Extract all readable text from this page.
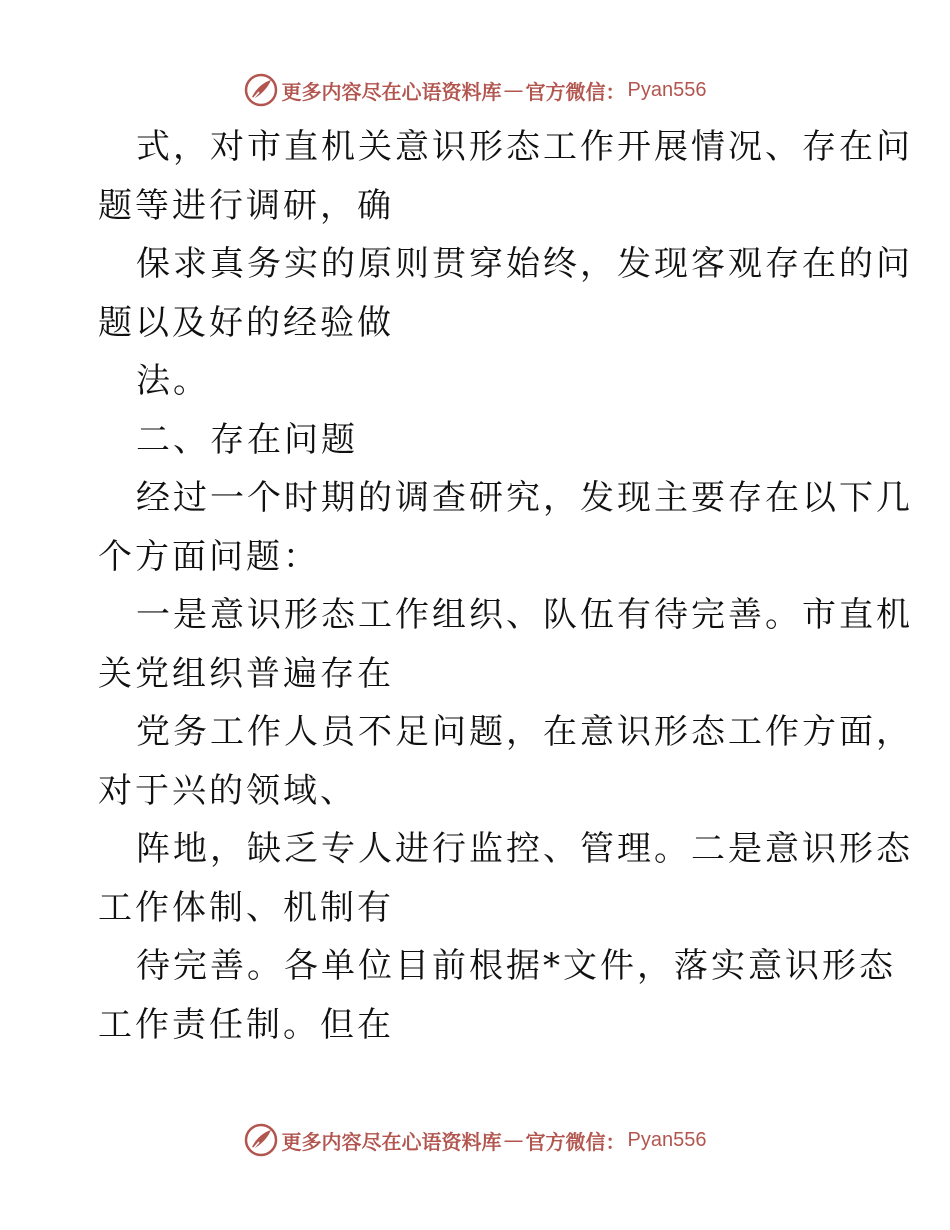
更多内容尽在心语资料库 — 官方微信： Pyan556
式，对市直机关意识形态工作开展情况、存在问
题等进行调研，确
保求真务实的原则贯穿始终，发现客观存在的问
题以及好的经验做
法。
二、存在问题
经过一个时期的调查研究，发现主要存在以下几
个方面问题：
一是意识形态工作组织、队伍有待完善。市直机
关党组织普遍存在
党务工作人员不足问题，在意识形态工作方面，
对于兴的领域、
阵地，缺乏专人进行监控、管理。二是意识形态
工作体制、机制有
待完善。各单位目前根据*文件，落实意识形态
工作责任制。但在
更多内容尽在心语资料库 — 官方微信： Pyan556
